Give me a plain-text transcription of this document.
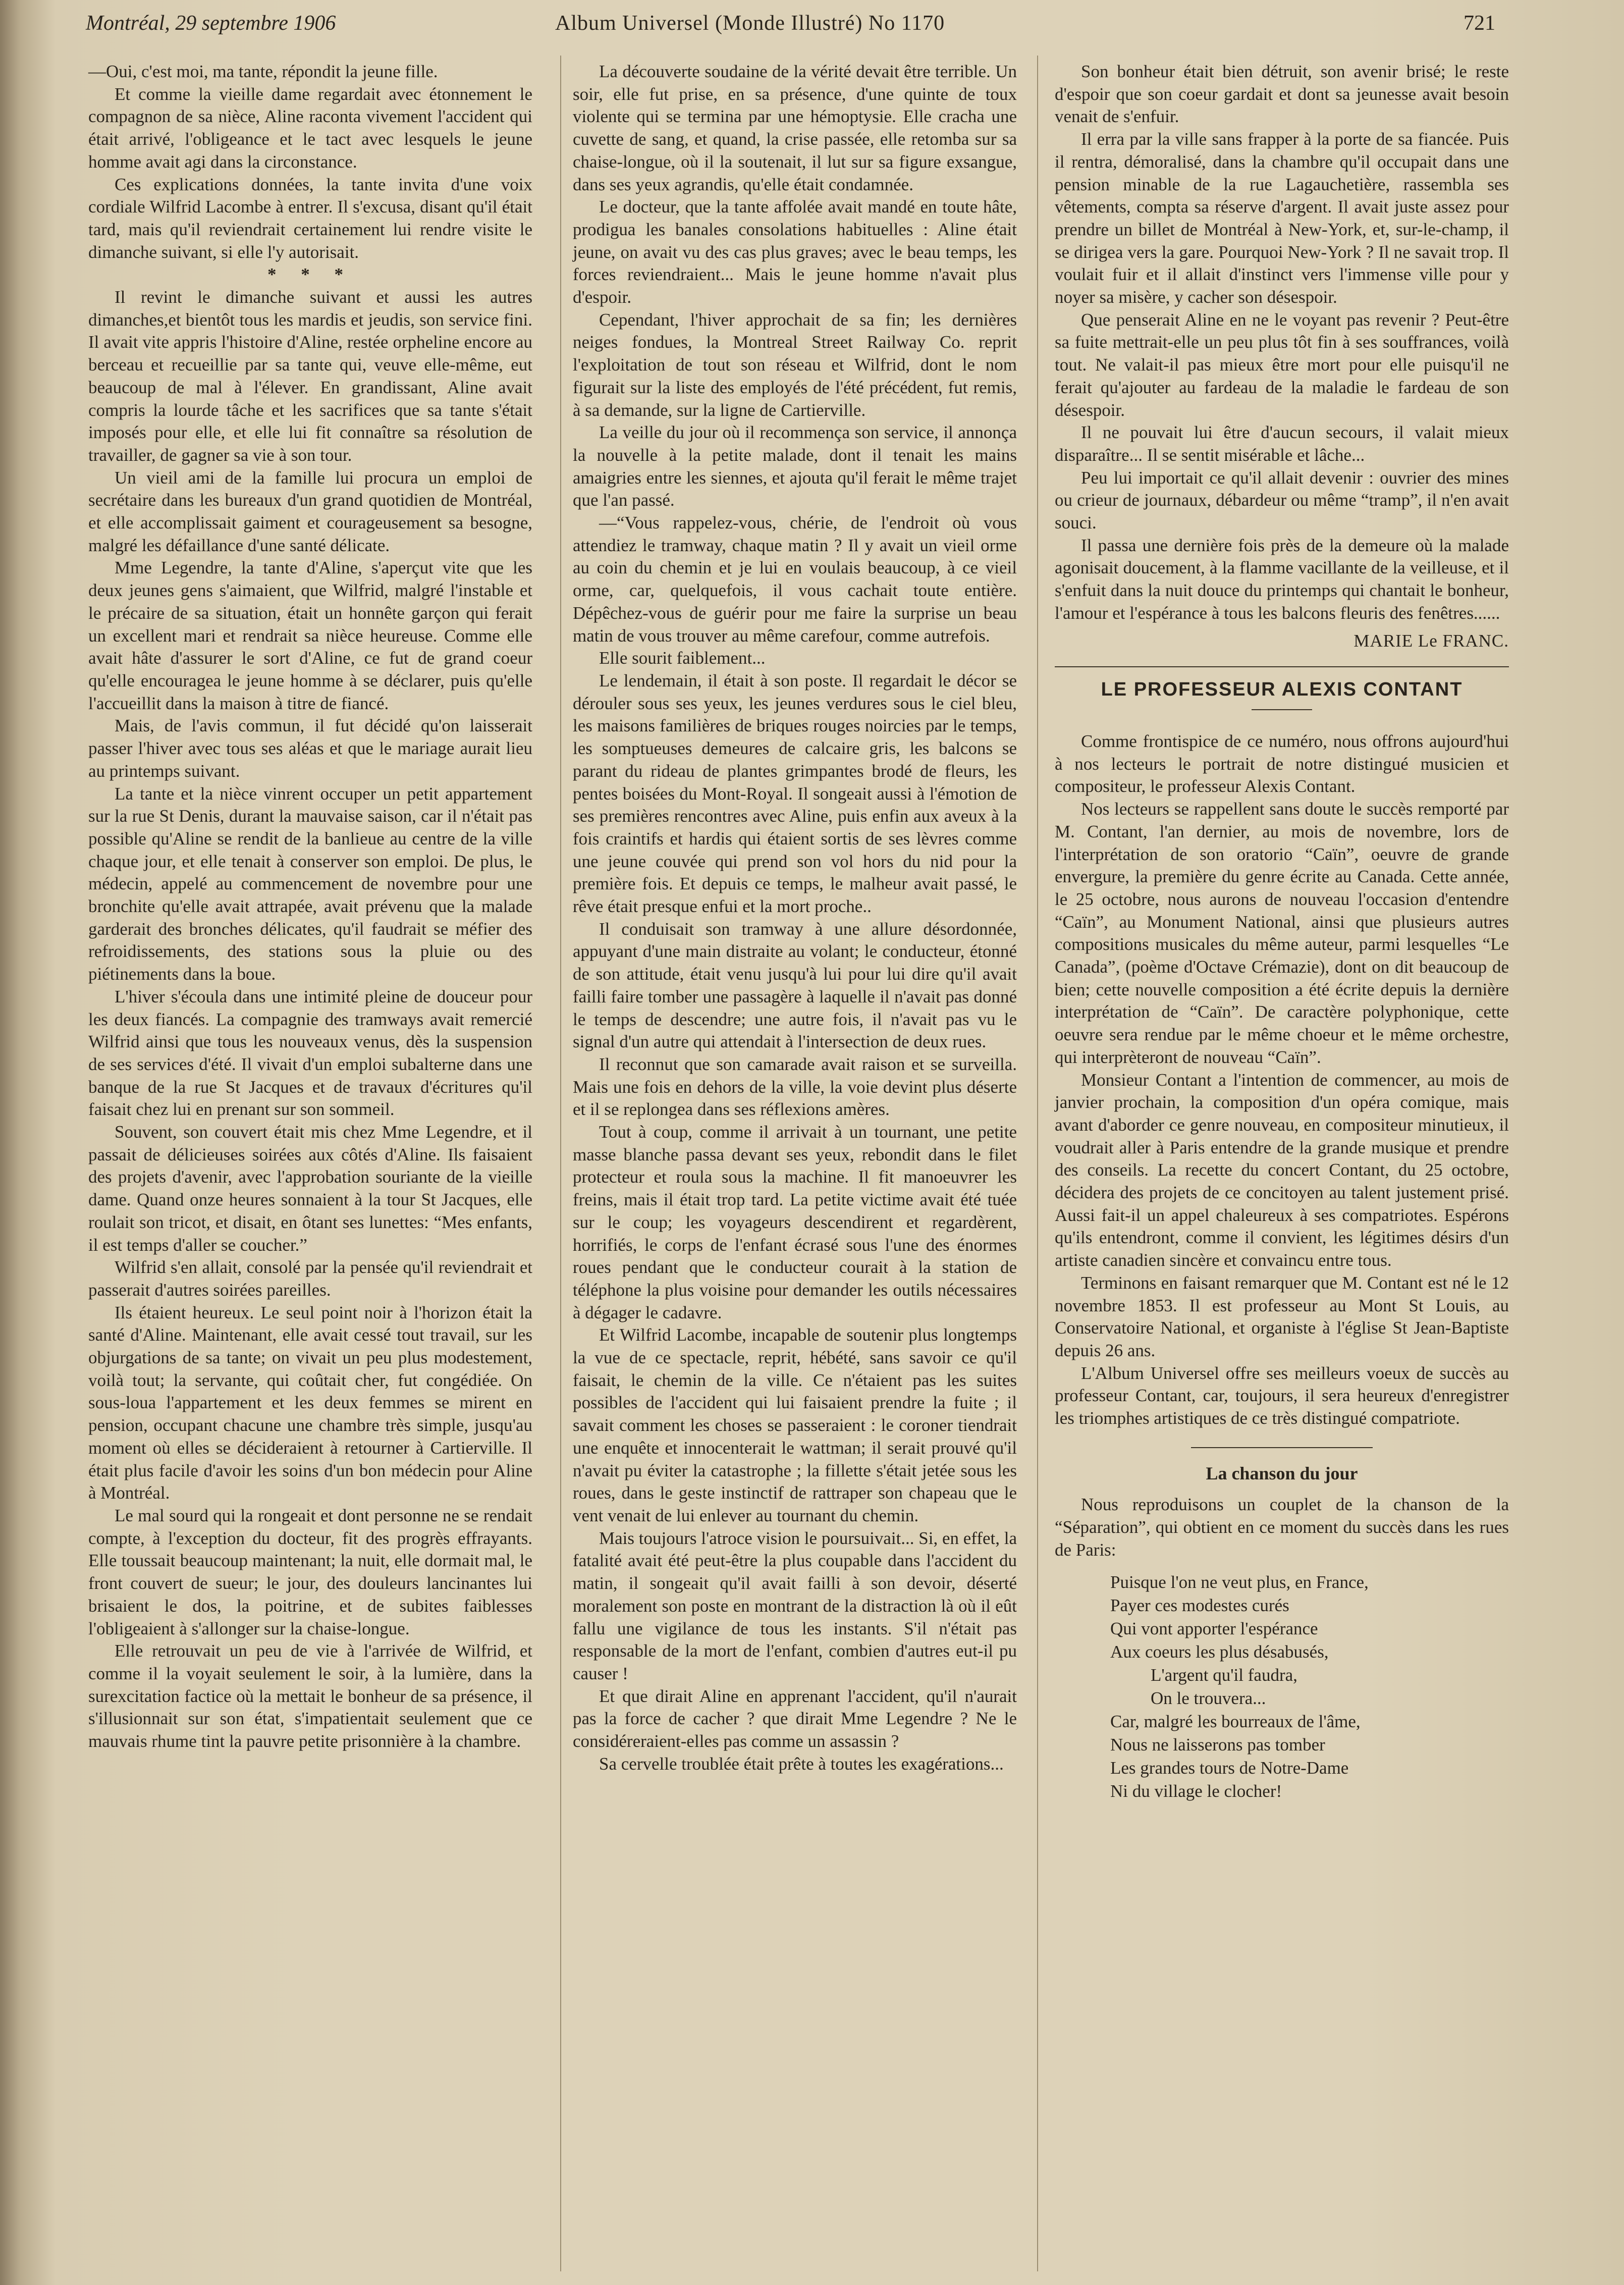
Montréal, 29 septembre 1906	Album Universel (Monde Illustré) No 1170	721

—Oui, c'est moi, ma tante, répondit la jeune fille.

Et comme la vieille dame regardait avec étonnement le compagnon de sa nièce, Aline raconta vivement l'accident qui était arrivé, l'obligeance et le tact avec lesquels le jeune homme avait agi dans la circonstance.

Ces explications données, la tante invita d'une voix cordiale Wilfrid Lacombe à entrer. Il s'excusa, disant qu'il était tard, mais qu'il reviendrait certainement lui rendre visite le dimanche suivant, si elle l'y autorisait.

* * *

Il revint le dimanche suivant et aussi les autres dimanches,et bientôt tous les mardis et jeudis, son service fini. Il avait vite appris l'histoire d'Aline, restée orpheline encore au berceau et recueillie par sa tante qui, veuve elle-même, eut beaucoup de mal à l'élever. En grandissant, Aline avait compris la lourde tâche et les sacrifices que sa tante s'était imposés pour elle, et elle lui fit connaître sa résolution de travailler, de gagner sa vie à son tour.

Un vieil ami de la famille lui procura un emploi de secrétaire dans les bureaux d'un grand quotidien de Montréal, et elle accomplissait gaiment et courageusement sa besogne, malgré les défaillance d'une santé délicate.

Mme Legendre, la tante d'Aline, s'aperçut vite que les deux jeunes gens s'aimaient, que Wilfrid, malgré l'instable et le précaire de sa situation, était un honnête garçon qui ferait un excellent mari et rendrait sa nièce heureuse. Comme elle avait hâte d'assurer le sort d'Aline, ce fut de grand coeur qu'elle encouragea le jeune homme à se déclarer, puis qu'elle l'accueillit dans la maison à titre de fiancé.

Mais, de l'avis commun, il fut décidé qu'on laisserait passer l'hiver avec tous ses aléas et que le mariage aurait lieu au printemps suivant.

La tante et la nièce vinrent occuper un petit appartement sur la rue St Denis, durant la mauvaise saison, car il n'était pas possible qu'Aline se rendit de la banlieue au centre de la ville chaque jour, et elle tenait à conserver son emploi. De plus, le médecin, appelé au commencement de novembre pour une bronchite qu'elle avait attrapée, avait prévenu que la malade garderait des bronches délicates, qu'il faudrait se méfier des refroidissements, des stations sous la pluie ou des piétinements dans la boue.

L'hiver s'écoula dans une intimité pleine de douceur pour les deux fiancés. La compagnie des tramways avait remercié Wilfrid ainsi que tous les nouveaux venus, dès la suspension de ses services d'été. Il vivait d'un emploi subalterne dans une banque de la rue St Jacques et de travaux d'écritures qu'il faisait chez lui en prenant sur son sommeil.

Souvent, son couvert était mis chez Mme Legendre, et il passait de délicieuses soirées aux côtés d'Aline. Ils faisaient des projets d'avenir, avec l'approbation souriante de la vieille dame. Quand onze heures sonnaient à la tour St Jacques, elle roulait son tricot, et disait, en ôtant ses lunettes: “Mes enfants, il est temps d'aller se coucher.”

Wilfrid s'en allait, consolé par la pensée qu'il reviendrait et passerait d'autres soirées pareilles.

Ils étaient heureux. Le seul point noir à l'horizon était la santé d'Aline. Maintenant, elle avait cessé tout travail, sur les objurgations de sa tante; on vivait un peu plus modestement, voilà tout; la servante, qui coûtait cher, fut congédiée. On sous-loua l'appartement et les deux femmes se mirent en pension, occupant chacune une chambre très simple, jusqu'au moment où elles se décideraient à retourner à Cartierville. Il était plus facile d'avoir les soins d'un bon médecin pour Aline à Montréal.

Le mal sourd qui la rongeait et dont personne ne se rendait compte, à l'exception du docteur, fit des progrès effrayants. Elle toussait beaucoup maintenant; la nuit, elle dormait mal, le front couvert de sueur; le jour, des douleurs lancinantes lui brisaient le dos, la poitrine, et de subites faiblesses l'obligeaient à s'allonger sur la chaise-longue.

Elle retrouvait un peu de vie à l'arrivée de Wilfrid, et comme il la voyait seulement le soir, à la lumière, dans la surexcitation factice où la mettait le bonheur de sa présence, il s'illusionnait sur son état, s'impatientait seulement que ce mauvais rhume tint la pauvre petite prisonnière à la chambre.

La découverte soudaine de la vérité devait être terrible. Un soir, elle fut prise, en sa présence, d'une quinte de toux violente qui se termina par une hémoptysie. Elle cracha une cuvette de sang, et quand, la crise passée, elle retomba sur sa chaise-longue, où il la soutenait, il lut sur sa figure exsangue, dans ses yeux agrandis, qu'elle était condamnée.

Le docteur, que la tante affolée avait mandé en toute hâte, prodigua les banales consolations habituelles : Aline était jeune, on avait vu des cas plus graves; avec le beau temps, les forces reviendraient... Mais le jeune homme n'avait plus d'espoir.

Cependant, l'hiver approchait de sa fin; les dernières neiges fondues, la Montreal Street Railway Co. reprit l'exploitation de tout son réseau et Wilfrid, dont le nom figurait sur la liste des employés de l'été précédent, fut remis, à sa demande, sur la ligne de Cartierville.

La veille du jour où il recommença son service, il annonça la nouvelle à la petite malade, dont il tenait les mains amaigries entre les siennes, et ajouta qu'il ferait le même trajet que l'an passé.

—“Vous rappelez-vous, chérie, de l'endroit où vous attendiez le tramway, chaque matin ? Il y avait un vieil orme au coin du chemin et je lui en voulais beaucoup, à ce vieil orme, car, quelquefois, il vous cachait toute entière. Dépêchez-vous de guérir pour me faire la surprise un beau matin de vous trouver au même carefour, comme autrefois.

Elle sourit faiblement...

Le lendemain, il était à son poste. Il regardait le décor se dérouler sous ses yeux, les jeunes verdures sous le ciel bleu, les maisons familières de briques rouges noircies par le temps, les somptueuses demeures de calcaire gris, les balcons se parant du rideau de plantes grimpantes brodé de fleurs, les pentes boisées du Mont-Royal. Il songeait aussi à l'émotion de ses premières rencontres avec Aline, puis enfin aux aveux à la fois craintifs et hardis qui étaient sortis de ses lèvres comme une jeune couvée qui prend son vol hors du nid pour la première fois. Et depuis ce temps, le malheur avait passé, le rêve était presque enfui et la mort proche..

Il conduisait son tramway à une allure désordonnée, appuyant d'une main distraite au volant; le conducteur, étonné de son attitude, était venu jusqu'à lui pour lui dire qu'il avait failli faire tomber une passagère à laquelle il n'avait pas donné le temps de descendre; une autre fois, il n'avait pas vu le signal d'un autre qui attendait à l'intersection de deux rues.

Il reconnut que son camarade avait raison et se surveilla. Mais une fois en dehors de la ville, la voie devint plus déserte et il se replongea dans ses réflexions amères.

Tout à coup, comme il arrivait à un tournant, une petite masse blanche passa devant ses yeux, rebondit dans le filet protecteur et roula sous la machine. Il fit manoeuvrer les freins, mais il était trop tard. La petite victime avait été tuée sur le coup; les voyageurs descendirent et regardèrent, horrifiés, le corps de l'enfant écrasé sous l'une des énormes roues pendant que le conducteur courait à la station de téléphone la plus voisine pour demander les outils nécessaires à dégager le cadavre.

Et Wilfrid Lacombe, incapable de soutenir plus longtemps la vue de ce spectacle, reprit, hébété, sans savoir ce qu'il faisait, le chemin de la ville. Ce n'étaient pas les suites possibles de l'accident qui lui faisaient prendre la fuite ; il savait comment les choses se passeraient : le coroner tiendrait une enquête et innocenterait le wattman; il serait prouvé qu'il n'avait pu éviter la catastrophe ; la fillette s'était jetée sous les roues, dans le geste instinctif de rattraper son chapeau que le vent venait de lui enlever au tournant du chemin.

Mais toujours l'atroce vision le poursuivait... Si, en effet, la fatalité avait été peut-être la plus coupable dans l'accident du matin, il songeait qu'il avait failli à son devoir, déserté moralement son poste en montrant de la distraction là où il eût fallu une vigilance de tous les instants. S'il n'était pas responsable de la mort de l'enfant, combien d'autres eut-il pu causer !

Et que dirait Aline en apprenant l'accident, qu'il n'aurait pas la force de cacher ? que dirait Mme Legendre ? Ne le considéreraient-elles pas comme un assassin ?

Sa cervelle troublée était prête à toutes les exagérations...

Son bonheur était bien détruit, son avenir brisé; le reste d'espoir que son coeur gardait et dont sa jeunesse avait besoin venait de s'enfuir.

Il erra par la ville sans frapper à la porte de sa fiancée. Puis il rentra, démoralisé, dans la chambre qu'il occupait dans une pension minable de la rue Lagauchetière, rassembla ses vêtements, compta sa réserve d'argent. Il avait juste assez pour prendre un billet de Montréal à New-York, et, sur-le-champ, il se dirigea vers la gare. Pourquoi New-York ? Il ne savait trop. Il voulait fuir et il allait d'instinct vers l'immense ville pour y noyer sa misère, y cacher son désespoir.

Que penserait Aline en ne le voyant pas revenir ? Peut-être sa fuite mettrait-elle un peu plus tôt fin à ses souffrances, voilà tout. Ne valait-il pas mieux être mort pour elle puisqu'il ne ferait qu'ajouter au fardeau de la maladie le fardeau de son désespoir.

Il ne pouvait lui être d'aucun secours, il valait mieux disparaître... Il se sentit misérable et lâche...

Peu lui importait ce qu'il allait devenir : ouvrier des mines ou crieur de journaux, débardeur ou même “tramp”, il n'en avait souci.

Il passa une dernière fois près de la demeure où la malade agonisait doucement, à la flamme vacillante de la veilleuse, et il s'enfuit dans la nuit douce du printemps qui chantait le bonheur, l'amour et l'espérance à tous les balcons fleuris des fenêtres......

MARIE Le FRANC.

LE PROFESSEUR ALEXIS CONTANT

Comme frontispice de ce numéro, nous offrons aujourd'hui à nos lecteurs le portrait de notre distingué musicien et compositeur, le professeur Alexis Contant.

Nos lecteurs se rappellent sans doute le succès remporté par M. Contant, l'an dernier, au mois de novembre, lors de l'interprétation de son oratorio “Caïn”, oeuvre de grande envergure, la première du genre écrite au Canada. Cette année, le 25 octobre, nous aurons de nouveau l'occasion d'entendre “Caïn”, au Monument National, ainsi que plusieurs autres compositions musicales du même auteur, parmi lesquelles “Le Canada”, (poème d'Octave Crémazie), dont on dit beaucoup de bien; cette nouvelle composition a été écrite depuis la dernière interprétation de “Caïn”. De caractère polyphonique, cette oeuvre sera rendue par le même choeur et le même orchestre, qui interprèteront de nouveau “Caïn”.

Monsieur Contant a l'intention de commencer, au mois de janvier prochain, la composition d'un opéra comique, mais avant d'aborder ce genre nouveau, en compositeur minutieux, il voudrait aller à Paris entendre de la grande musique et prendre des conseils. La recette du concert Contant, du 25 octobre, décidera des projets de ce concitoyen au talent justement prisé. Aussi fait-il un appel chaleureux à ses compatriotes. Espérons qu'ils entendront, comme il convient, les légitimes désirs d'un artiste canadien sincère et convaincu entre tous.

Terminons en faisant remarquer que M. Contant est né le 12 novembre 1853. Il est professeur au Mont St Louis, au Conservatoire National, et organiste à l'église St Jean-Baptiste depuis 26 ans.

L'Album Universel offre ses meilleurs voeux de succès au professeur Contant, car, toujours, il sera heureux d'enregistrer les triomphes artistiques de ce très distingué compatriote.

La chanson du jour

Nous reproduisons un couplet de la chanson de la “Séparation”, qui obtient en ce moment du succès dans les rues de Paris:

Puisque l'on ne veut plus, en France,

Payer ces modestes curés

Qui vont apporter l'espérance

Aux coeurs les plus désabusés,

L'argent qu'il faudra,

On le trouvera...

Car, malgré les bourreaux de l'âme,

Nous ne laisserons pas tomber

Les grandes tours de Notre-Dame

Ni du village le clocher!
